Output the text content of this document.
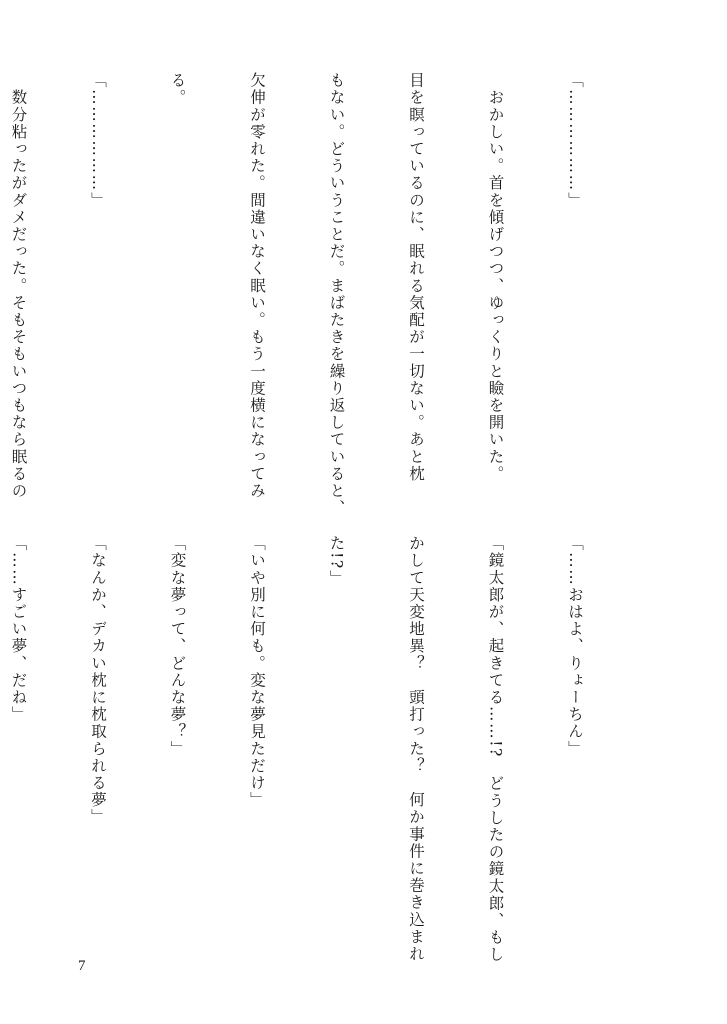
「………………」

　おかしい。首を傾げつつ、ゆっくりと瞼を開いた。

目を瞑っているのに、眠れる気配が一切ない。あと枕

もない。どういうことだ。まばたきを繰り返していると、

欠伸が零れた。間違いなく眠い。もう一度横になってみ

る。

「………………」

　数分粘ったがダメだった。そもそもいつもなら眠るの

「……おはよ、りょーちん」

「鏡太郎が、起きてる……!?　どうしたの鏡太郎、もし

かして天変地異？　頭打った？　何か事件に巻き込まれ

た!?」

「いや別に何も。変な夢見ただけ」

「変な夢って、どんな夢？」

「なんか、デカい枕に枕取られる夢」

「……すごい夢、だね」

7
